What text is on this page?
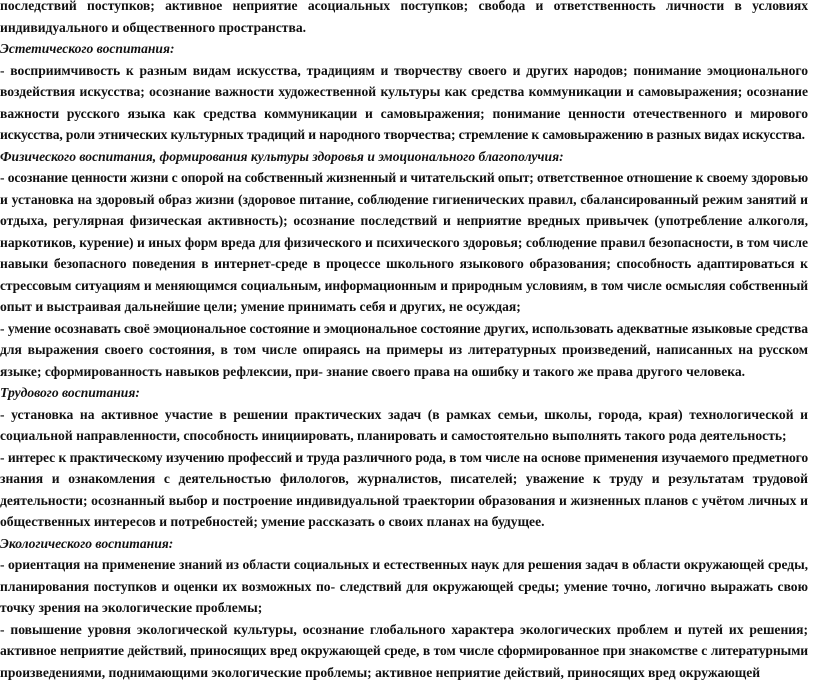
последствий поступков; активное неприятие асоциальных поступков; свобода и ответственность личности в условиях
индивидуального и общественного пространства.
Эстетического воспитания:
- восприимчивость к разным видам искусства, традициям и творчеству своего и других народов; понимание эмоционального
воздействия искусства; осознание важности художественной культуры как средства коммуникации и самовыражения; осознание
важности русского языка как средства коммуникации и самовыражения; понимание ценности отечественного и мирового
искусства, роли этнических культурных традиций и народного творчества; стремление к самовыражению в разных видах искусства.
Физического воспитания, формирования культуры здоровья и эмоционального благополучия:
- осознание ценности жизни с опорой на собственный жизненный и читательский опыт; ответственное отношение к своему здоровью
и установка на здоровый образ жизни (здоровое питание, соблюдение гигиенических правил, сбалансированный режим занятий и
отдыха, регулярная физическая активность); осознание последствий и неприятие вредных привычек (употребление алкоголя,
наркотиков, курение) и иных форм вреда для физического и психического здоровья; соблюдение правил безопасности, в том числе
навыки безопасного поведения в интернет-среде в процессе школьного языкового образования; способность адаптироваться к
стрессовым ситуациям и меняющимся социальным, информационным и природным условиям, в том числе осмысляя собственный
опыт и выстраивая дальнейшие цели; умение принимать себя и других, не осуждая;
- умение осознавать своё эмоциональное состояние и эмоциональное состояние других, использовать адекватные языковые средства
для выражения своего состояния, в том числе опираясь на примеры из литературных произведений, написанных на русском
языке; сформированность навыков рефлексии, при- знание своего права на ошибку и такого же права другого человека.
Трудового воспитания:
- установка на активное участие в решении практических задач (в рамках семьи, школы, города, края) технологической и
социальной направленности, способность инициировать, планировать и самостоятельно выполнять такого рода деятельность;
- интерес к практическому изучению профессий и труда различного рода, в том числе на основе применения изучаемого предметного
знания и ознакомления с деятельностью филологов, журналистов, писателей; уважение к труду и результатам трудовой
деятельности; осознанный выбор и построение индивидуальной траектории образования и жизненных планов с учётом личных и
общественных интересов и потребностей; умение рассказать о своих планах на будущее.
Экологического воспитания:
- ориентация на применение знаний из области социальных и естественных наук для решения задач в области окружающей среды,
планирования поступков и оценки их возможных по- следствий для окружающей среды; умение точно, логично выражать свою
точку зрения на экологические проблемы;
- повышение уровня экологической культуры, осознание глобального характера экологических проблем и путей их решения;
активное неприятие действий, приносящих вред окружающей среде, в том числе сформированное при знакомстве с литературными
произведениями, поднимающими экологические проблемы; активное неприятие действий, приносящих вред окружающей
